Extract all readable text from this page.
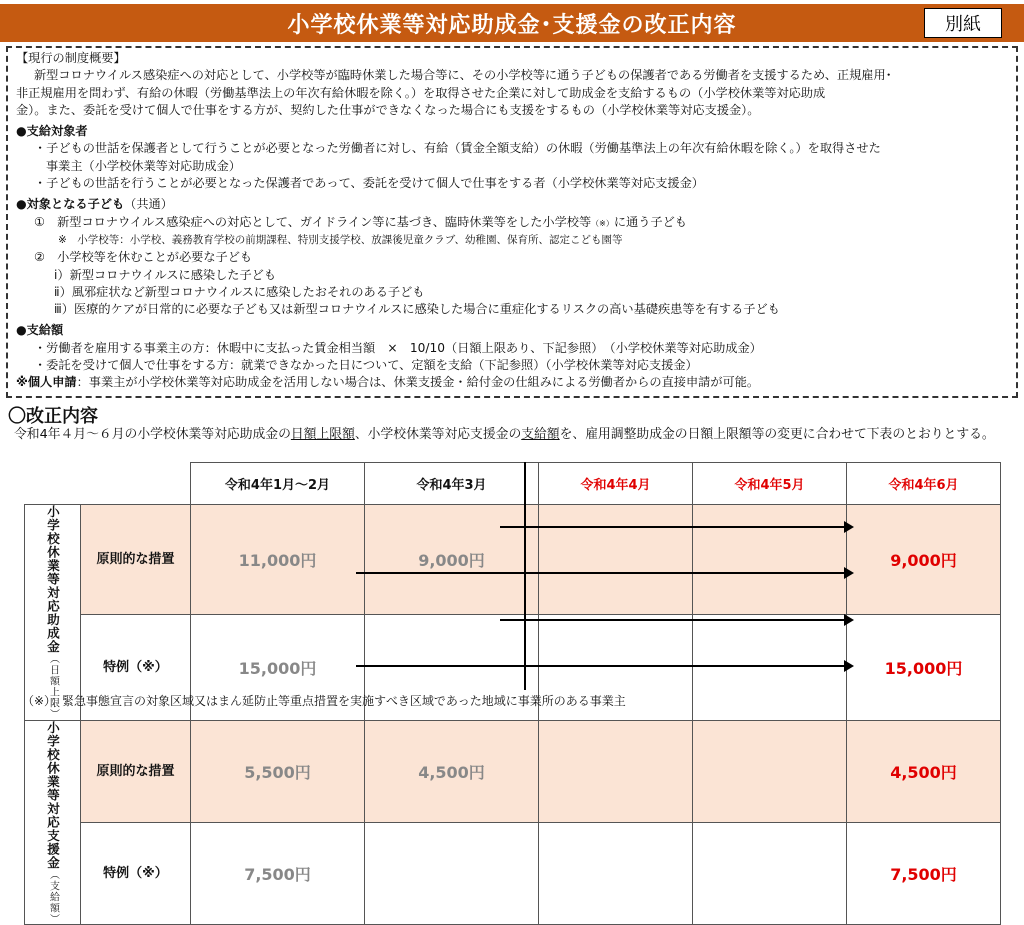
小学校休業等対応助成金･支援金の改正内容	別紙
【現行の制度概要】
新型コロナウイルス感染症への対応として、小学校等が臨時休業した場合等に、その小学校等に通う子どもの保護者である労働者を支援するため、正規雇用･
非正規雇用を問わず、有給の休暇（労働基準法上の年次有給休暇を除く。）を取得させた企業に対して助成金を支給するもの（小学校休業等対応助成
金）。また、委託を受けて個人で仕事をする方が、契約した仕事ができなくなった場合にも支援をするもの（小学校休業等対応支援金）。
●支給対象者
・子どもの世話を保護者として行うことが必要となった労働者に対し、有給（賃金全額支給）の休暇（労働基準法上の年次有給休暇を除く。）を取得させた
事業主（小学校休業等対応助成金）
・子どもの世話を行うことが必要となった保護者であって、委託を受けて個人で仕事をする者（小学校休業等対応支援金）
●対象となる子ども（共通）
①　新型コロナウイルス感染症への対応として、ガイドライン等に基づき、臨時休業等をした小学校等（※）に通う子ども
※　小学校等：小学校、義務教育学校の前期課程、特別支援学校、放課後児童クラブ、幼稚園、保育所、認定こども園等
②　小学校等を休むことが必要な子ども
ⅰ）新型コロナウイルスに感染した子ども
ⅱ）風邪症状など新型コロナウイルスに感染したおそれのある子ども
ⅲ）医療的ケアが日常的に必要な子ども又は新型コロナウイルスに感染した場合に重症化するリスクの高い基礎疾患等を有する子ども
●支給額
・労働者を雇用する事業主の方：休暇中に支払った賃金相当額　×　10/10（日額上限あり、下記参照）　（小学校休業等対応助成金）
・委託を受けて個人で仕事をする方：就業できなかった日について、定額を支給（下記参照）（小学校休業等対応支援金）
※個人申請：事業主が小学校休業等対応助成金を活用しない場合は、休業支援金・給付金の仕組みによる労働者からの直接申請が可能。
〇改正内容
令和4年４月～６月の小学校休業等対応助成金の日額上限額、小学校休業等対応支援金の支給額を、雇用調整助成金の日額上限額等の変更に合わせて下表のとおりとする。
		令和4年1月～2月	令和4年3月	令和4年4月	令和4年5月	令和4年6月

小学校休業等対応助成金（日額上限）	原則的な措置	11,000円	9,000円			9,000円
	特例（※）	15,000円				15,000円

小学校休業等対応支援金（支給額）	原則的な措置	5,500円	4,500円			4,500円
	特例（※）	7,500円				7,500円
（※）　緊急事態宣言の対象区域又はまん延防止等重点措置を実施すべき区域であった地域に事業所のある事業主
